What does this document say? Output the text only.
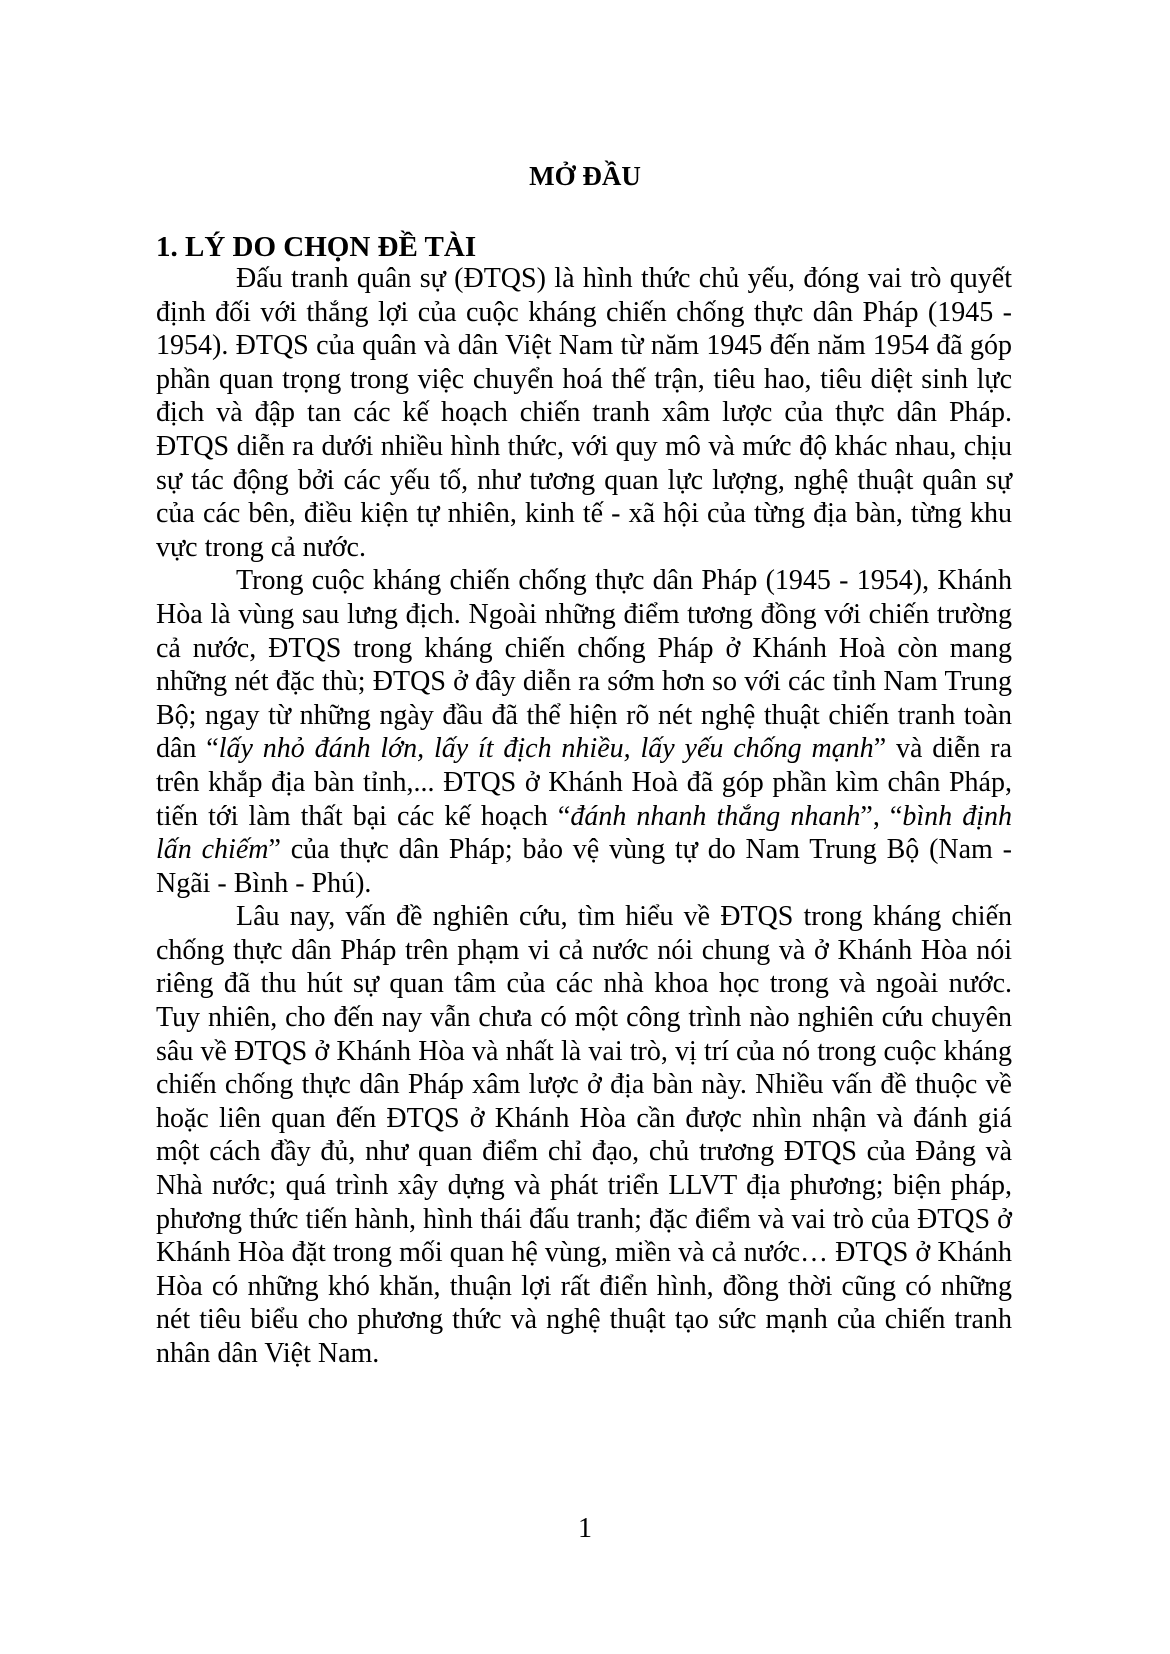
MỞ ĐẦU
1. LÝ DO CHỌN ĐỀ TÀI

Đấu tranh quân sự (ĐTQS) là hình thức chủ yếu, đóng vai trò quyết định đối với thắng lợi của cuộc kháng chiến chống thực dân Pháp (1945 - 1954). ĐTQS của quân và dân Việt Nam từ năm 1945 đến năm 1954 đã góp phần quan trọng trong việc chuyển hoá thế trận, tiêu hao, tiêu diệt sinh lực địch và đập tan các kế hoạch chiến tranh xâm lược của thực dân Pháp. ĐTQS diễn ra dưới nhiều hình thức, với quy mô và mức độ khác nhau, chịu sự tác động bởi các yếu tố, như tương quan lực lượng, nghệ thuật quân sự của các bên, điều kiện tự nhiên, kinh tế - xã hội của từng địa bàn, từng khu vực trong cả nước.

Trong cuộc kháng chiến chống thực dân Pháp (1945 - 1954), Khánh Hòa là vùng sau lưng địch. Ngoài những điểm tương đồng với chiến trường cả nước, ĐTQS trong kháng chiến chống Pháp ở Khánh Hoà còn mang những nét đặc thù; ĐTQS ở đây diễn ra sớm hơn so với các tỉnh Nam Trung Bộ; ngay từ những ngày đầu đã thể hiện rõ nét nghệ thuật chiến tranh toàn dân “lấy nhỏ đánh lớn, lấy ít địch nhiều, lấy yếu chống mạnh” và diễn ra trên khắp địa bàn tỉnh,... ĐTQS ở Khánh Hoà đã góp phần kìm chân Pháp, tiến tới làm thất bại các kế hoạch “đánh nhanh thắng nhanh”, “bình định lấn chiếm” của thực dân Pháp; bảo vệ vùng tự do Nam Trung Bộ (Nam - Ngãi - Bình - Phú).

Lâu nay, vấn đề nghiên cứu, tìm hiểu về ĐTQS trong kháng chiến chống thực dân Pháp trên phạm vi cả nước nói chung và ở Khánh Hòa nói riêng đã thu hút sự quan tâm của các nhà khoa học trong và ngoài nước. Tuy nhiên, cho đến nay vẫn chưa có một công trình nào nghiên cứu chuyên sâu về ĐTQS ở Khánh Hòa và nhất là vai trò, vị trí của nó trong cuộc kháng chiến chống thực dân Pháp xâm lược ở địa bàn này. Nhiều vấn đề thuộc về hoặc liên quan đến ĐTQS ở Khánh Hòa cần được nhìn nhận và đánh giá một cách đầy đủ, như quan điểm chỉ đạo, chủ trương ĐTQS của Đảng và Nhà nước; quá trình xây dựng và phát triển LLVT địa phương; biện pháp, phương thức tiến hành, hình thái đấu tranh; đặc điểm và vai trò của ĐTQS ở Khánh Hòa đặt trong mối quan hệ vùng, miền và cả nước… ĐTQS ở Khánh Hòa có những khó khăn, thuận lợi rất điển hình, đồng thời cũng có những nét tiêu biểu cho phương thức và nghệ thuật tạo sức mạnh của chiến tranh nhân dân Việt Nam.

1
